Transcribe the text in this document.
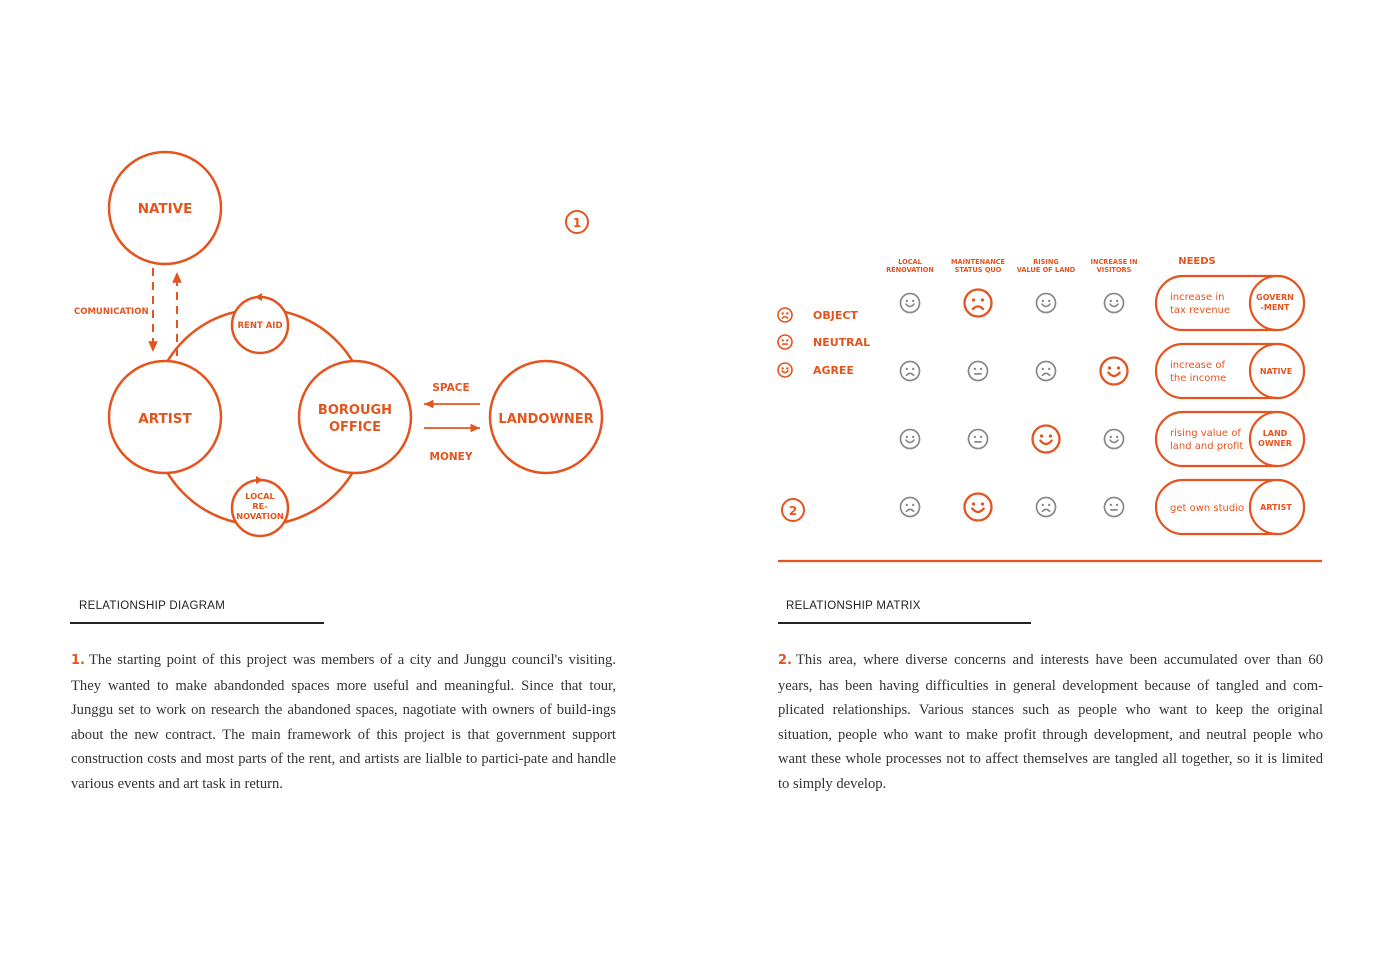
NATIVE
ARTIST
BOROUGH
OFFICE
LANDOWNER
RENT AID
LOCAL
RE-
NOVATION
COMUNICATION
SPACE
MONEY
1
LOCAL
RENOVATION
MAINTENANCE
STATUS QUO
RISING
VALUE OF LAND
INCREASE IN
VISITORS
NEEDS
OBJECT
NEUTRAL
AGREE
increase in
tax revenue
GOVERN
-MENT
increase of
the income
NATIVE
rising value of
land and profit
LAND
OWNER
get own studio ARTIST
2
RELATIONSHIP DIAGRAM	RELATIONSHIP MATRIX
1. The starting point of this project was members of a city and Junggu council's visiting. They wanted to make abandonded spaces more useful and meaningful. Since that tour, Junggu set to work on research the abandoned spaces, nagotiate with owners of build-ings about the new contract. The main framework of this project is that government support construction costs and most parts of the rent, and artists are lialble to partici-pate and handle various events and art task in return.
2. This area, where diverse concerns and interests have been accumulated over than 60 years, has been having difficulties in general development because of tangled and com-plicated relationships. Various stances such as people who want to keep the original situation, people who want to make profit through development, and neutral people who want these whole processes not to affect themselves are tangled all together, so it is limited to simply develop.
